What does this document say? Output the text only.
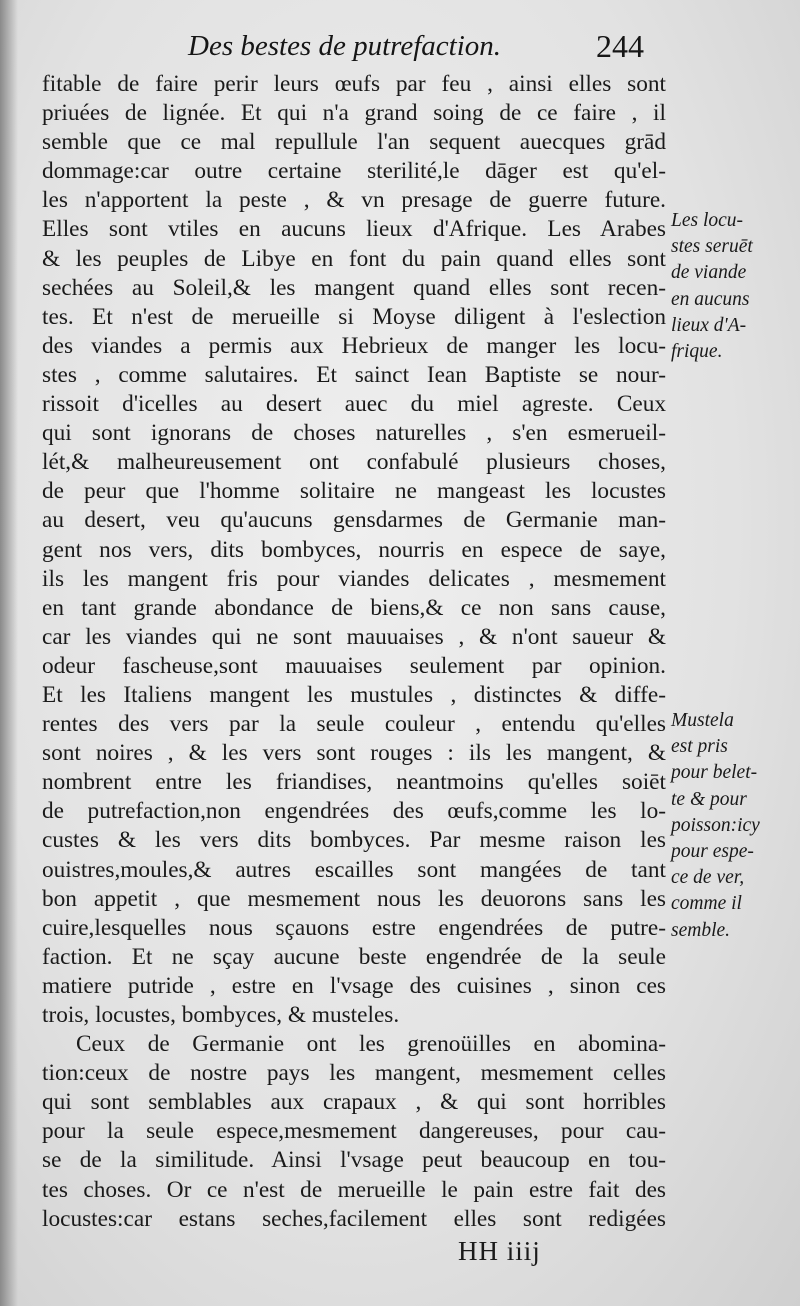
Des bestes de putrefaction.	244
fitable de faire perir leurs œufs par feu , ainsi elles sont
priuées de lignée. Et qui n'a grand soing de ce faire , il
semble que ce mal repullule l'an sequent auecques grād
dommage:car outre certaine sterilité,le dāger est qu'el-
les n'apportent la peste , & vn presage de guerre future.
Elles sont vtiles en aucuns lieux d'Afrique. Les Arabes
& les peuples de Libye en font du pain quand elles sont
sechées au Soleil,& les mangent quand elles sont recen-
tes. Et n'est de merueille si Moyse diligent à l'eslection
des viandes a permis aux Hebrieux de manger les locu-
stes , comme salutaires. Et sainct Iean Baptiste se nour-
rissoit d'icelles au desert auec du miel agreste. Ceux
qui sont ignorans de choses naturelles , s'en esmerueil-
lét,& malheureusement ont confabulé plusieurs choses,
de peur que l'homme solitaire ne mangeast les locustes
au desert, veu qu'aucuns gensdarmes de Germanie man-
gent nos vers, dits bombyces, nourris en espece de saye,
ils les mangent fris pour viandes delicates , mesmement
en tant grande abondance de biens,& ce non sans cause,
car les viandes qui ne sont mauuaises , & n'ont saueur &
odeur fascheuse,sont mauuaises seulement par opinion.
Et les Italiens mangent les mustules , distinctes & diffe-
rentes des vers par la seule couleur , entendu qu'elles
sont noires , & les vers sont rouges : ils les mangent, &
nombrent entre les friandises, neantmoins qu'elles soiēt
de putrefaction,non engendrées des œufs,comme les lo-
custes & les vers dits bombyces. Par mesme raison les
ouistres,moules,& autres escailles sont mangées de tant
bon appetit , que mesmement nous les deuorons sans les
cuire,lesquelles nous sçauons estre engendrées de putre-
faction. Et ne sçay aucune beste engendrée de la seule
matiere putride , estre en l'vsage des cuisines , sinon ces
trois, locustes, bombyces, & musteles.
Ceux de Germanie ont les grenoüilles en abomina-
tion:ceux de nostre pays les mangent, mesmement celles
qui sont semblables aux crapaux , & qui sont horribles
pour la seule espece,mesmement dangereuses, pour cau-
se de la similitude. Ainsi l'vsage peut beaucoup en tou-
tes choses. Or ce n'est de merueille le pain estre fait des
locustes:car estans seches,facilement elles sont redigées
Les locu-
stes seruēt
de viande
en aucuns
lieux d'A-
frique.
Mustela
est pris
pour belet-
te & pour
poisson:icy
pour espe-
ce de ver,
comme il
semble.
HH iiij
